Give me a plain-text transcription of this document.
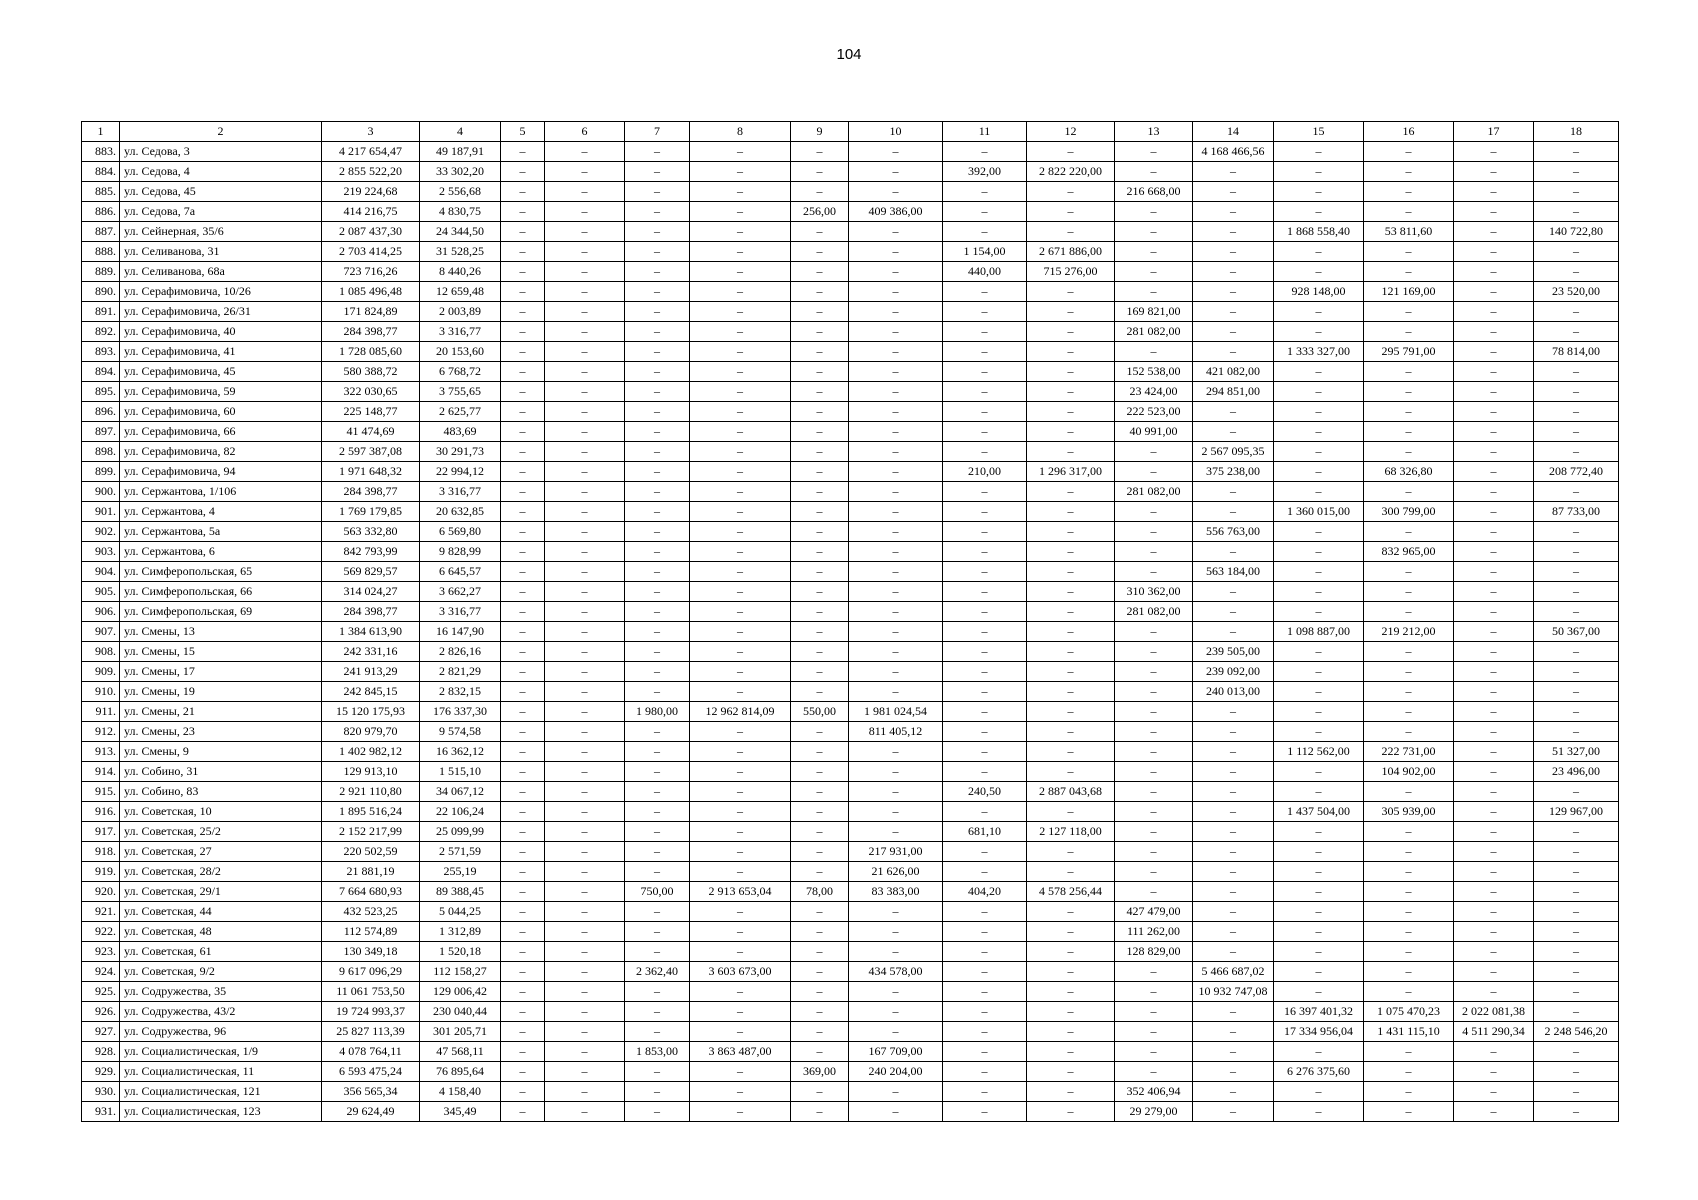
104
1	2	3	4	5	6	7	8	9	10	11	12	13	14	15	16	17	18
883.	ул. Седова, 3	4 217 654,47	49 187,91	–	–	–	–	–	–	–	–	–	4 168 466,56	–	–	–	–
884.	ул. Седова, 4	2 855 522,20	33 302,20	–	–	–	–	–	–	392,00	2 822 220,00	–	–	–	–	–	–
885.	ул. Седова, 45	219 224,68	2 556,68	–	–	–	–	–	–	–	–	216 668,00	–	–	–	–	–
886.	ул. Седова, 7а	414 216,75	4 830,75	–	–	–	–	256,00	409 386,00	–	–	–	–	–	–	–	–
887.	ул. Сейнерная, 35/6	2 087 437,30	24 344,50	–	–	–	–	–	–	–	–	–	–	1 868 558,40	53 811,60	–	140 722,80
888.	ул. Селиванова, 31	2 703 414,25	31 528,25	–	–	–	–	–	–	1 154,00	2 671 886,00	–	–	–	–	–	–
889.	ул. Селиванова, 68а	723 716,26	8 440,26	–	–	–	–	–	–	440,00	715 276,00	–	–	–	–	–	–
890.	ул. Серафимовича, 10/26	1 085 496,48	12 659,48	–	–	–	–	–	–	–	–	–	–	928 148,00	121 169,00	–	23 520,00
891.	ул. Серафимовича, 26/31	171 824,89	2 003,89	–	–	–	–	–	–	–	–	169 821,00	–	–	–	–	–
892.	ул. Серафимовича, 40	284 398,77	3 316,77	–	–	–	–	–	–	–	–	281 082,00	–	–	–	–	–
893.	ул. Серафимовича, 41	1 728 085,60	20 153,60	–	–	–	–	–	–	–	–	–	–	1 333 327,00	295 791,00	–	78 814,00
894.	ул. Серафимовича, 45	580 388,72	6 768,72	–	–	–	–	–	–	–	–	152 538,00	421 082,00	–	–	–	–
895.	ул. Серафимовича, 59	322 030,65	3 755,65	–	–	–	–	–	–	–	–	23 424,00	294 851,00	–	–	–	–
896.	ул. Серафимовича, 60	225 148,77	2 625,77	–	–	–	–	–	–	–	–	222 523,00	–	–	–	–	–
897.	ул. Серафимовича, 66	41 474,69	483,69	–	–	–	–	–	–	–	–	40 991,00	–	–	–	–	–
898.	ул. Серафимовича, 82	2 597 387,08	30 291,73	–	–	–	–	–	–	–	–	–	2 567 095,35	–	–	–	–
899.	ул. Серафимовича, 94	1 971 648,32	22 994,12	–	–	–	–	–	–	210,00	1 296 317,00	–	375 238,00	–	68 326,80	–	208 772,40
900.	ул. Сержантова, 1/106	284 398,77	3 316,77	–	–	–	–	–	–	–	–	281 082,00	–	–	–	–	–
901.	ул. Сержантова, 4	1 769 179,85	20 632,85	–	–	–	–	–	–	–	–	–	–	1 360 015,00	300 799,00	–	87 733,00
902.	ул. Сержантова, 5а	563 332,80	6 569,80	–	–	–	–	–	–	–	–	–	556 763,00	–	–	–	–
903.	ул. Сержантова, 6	842 793,99	9 828,99	–	–	–	–	–	–	–	–	–	–	–	832 965,00	–	–
904.	ул. Симферопольская, 65	569 829,57	6 645,57	–	–	–	–	–	–	–	–	–	563 184,00	–	–	–	–
905.	ул. Симферопольская, 66	314 024,27	3 662,27	–	–	–	–	–	–	–	–	310 362,00	–	–	–	–	–
906.	ул. Симферопольская, 69	284 398,77	3 316,77	–	–	–	–	–	–	–	–	281 082,00	–	–	–	–	–
907.	ул. Смены, 13	1 384 613,90	16 147,90	–	–	–	–	–	–	–	–	–	–	1 098 887,00	219 212,00	–	50 367,00
908.	ул. Смены, 15	242 331,16	2 826,16	–	–	–	–	–	–	–	–	–	239 505,00	–	–	–	–
909.	ул. Смены, 17	241 913,29	2 821,29	–	–	–	–	–	–	–	–	–	239 092,00	–	–	–	–
910.	ул. Смены, 19	242 845,15	2 832,15	–	–	–	–	–	–	–	–	–	240 013,00	–	–	–	–
911.	ул. Смены, 21	15 120 175,93	176 337,30	–	–	1 980,00	12 962 814,09	550,00	1 981 024,54	–	–	–	–	–	–	–	–
912.	ул. Смены, 23	820 979,70	9 574,58	–	–	–	–	–	811 405,12	–	–	–	–	–	–	–	–
913.	ул. Смены, 9	1 402 982,12	16 362,12	–	–	–	–	–	–	–	–	–	–	1 112 562,00	222 731,00	–	51 327,00
914.	ул. Собино, 31	129 913,10	1 515,10	–	–	–	–	–	–	–	–	–	–	–	104 902,00	–	23 496,00
915.	ул. Собино, 83	2 921 110,80	34 067,12	–	–	–	–	–	–	240,50	2 887 043,68	–	–	–	–	–	–
916.	ул. Советская, 10	1 895 516,24	22 106,24	–	–	–	–	–	–	–	–	–	–	1 437 504,00	305 939,00	–	129 967,00
917.	ул. Советская, 25/2	2 152 217,99	25 099,99	–	–	–	–	–	–	681,10	2 127 118,00	–	–	–	–	–	–
918.	ул. Советская, 27	220 502,59	2 571,59	–	–	–	–	–	217 931,00	–	–	–	–	–	–	–	–
919.	ул. Советская, 28/2	21 881,19	255,19	–	–	–	–	–	21 626,00	–	–	–	–	–	–	–	–
920.	ул. Советская, 29/1	7 664 680,93	89 388,45	–	–	750,00	2 913 653,04	78,00	83 383,00	404,20	4 578 256,44	–	–	–	–	–	–
921.	ул. Советская, 44	432 523,25	5 044,25	–	–	–	–	–	–	–	–	427 479,00	–	–	–	–	–
922.	ул. Советская, 48	112 574,89	1 312,89	–	–	–	–	–	–	–	–	111 262,00	–	–	–	–	–
923.	ул. Советская, 61	130 349,18	1 520,18	–	–	–	–	–	–	–	–	128 829,00	–	–	–	–	–
924.	ул. Советская, 9/2	9 617 096,29	112 158,27	–	–	2 362,40	3 603 673,00	–	434 578,00	–	–	–	5 466 687,02	–	–	–	–
925.	ул. Содружества, 35	11 061 753,50	129 006,42	–	–	–	–	–	–	–	–	–	10 932 747,08	–	–	–	–
926.	ул. Содружества, 43/2	19 724 993,37	230 040,44	–	–	–	–	–	–	–	–	–	–	16 397 401,32	1 075 470,23	2 022 081,38	–
927.	ул. Содружества, 96	25 827 113,39	301 205,71	–	–	–	–	–	–	–	–	–	–	17 334 956,04	1 431 115,10	4 511 290,34	2 248 546,20
928.	ул. Социалистическая, 1/9	4 078 764,11	47 568,11	–	–	1 853,00	3 863 487,00	–	167 709,00	–	–	–	–	–	–	–	–
929.	ул. Социалистическая, 11	6 593 475,24	76 895,64	–	–	–	–	369,00	240 204,00	–	–	–	–	6 276 375,60	–	–	–
930.	ул. Социалистическая, 121	356 565,34	4 158,40	–	–	–	–	–	–	–	–	352 406,94	–	–	–	–	–
931.	ул. Социалистическая, 123	29 624,49	345,49	–	–	–	–	–	–	–	–	29 279,00	–	–	–	–	–
